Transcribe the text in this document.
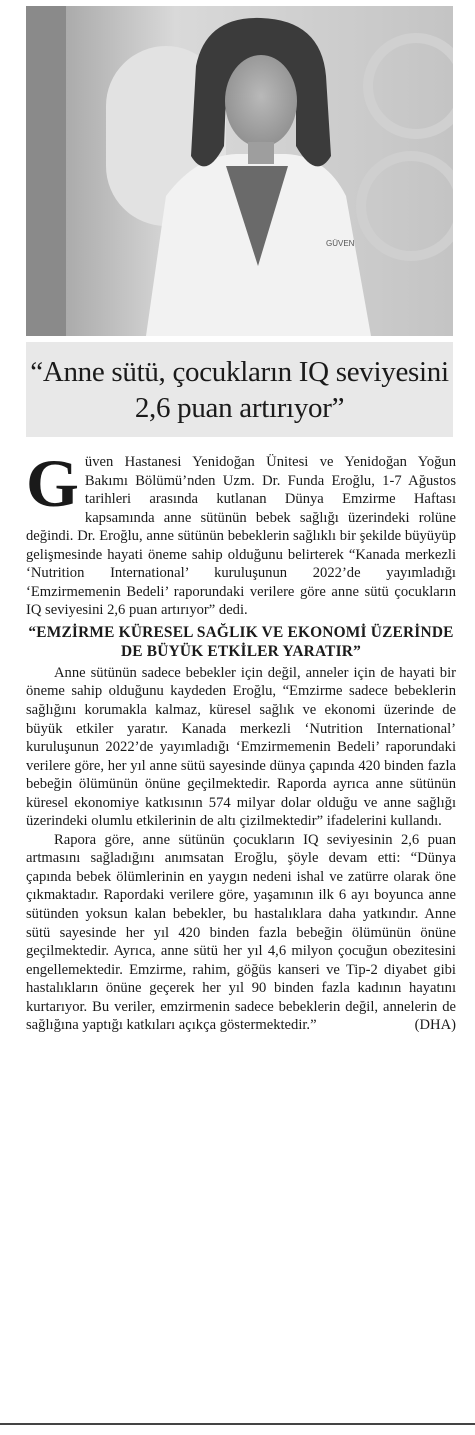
GÜVEN
“Anne sütü, çocukların IQ seviyesini 2,6 puan artırıyor”

Güven Hastanesi Yenidoğan Ünitesi ve Yenidoğan Yoğun Bakımı Bölümü’nden Uzm. Dr. Funda Eroğlu, 1-7 Ağustos tarihleri arasında kutlanan Dünya Emzirme Haftası kapsamında anne sütünün bebek sağlığı üzerindeki rolüne değindi. Dr. Eroğlu, anne sütünün bebeklerin sağlıklı bir şekilde büyüyüp gelişmesinde hayati öneme sahip olduğunu belirterek “Kanada merkezli ‘Nutrition International’ kuruluşunun 2022’de yayımladığı ‘Emzirmemenin Bedeli’ raporundaki verilere göre anne sütü çocukların IQ seviyesini 2,6 puan artırıyor” dedi.

“EMZİRME KÜRESEL SAĞLIK VE EKONOMİ ÜZERİNDE DE BÜYÜK ETKİLER YARATIR”

Anne sütünün sadece bebekler için değil, anneler için de hayati bir öneme sahip olduğunu kaydeden Eroğlu, “Emzirme sadece bebeklerin sağlığını korumakla kalmaz, küresel sağlık ve ekonomi üzerinde de büyük etkiler yaratır. Kanada merkezli ‘Nutrition International’ kuruluşunun 2022’de yayımladığı ‘Emzirmemenin Bedeli’ raporundaki verilere göre, her yıl anne sütü sayesinde dünya çapında 420 binden fazla bebeğin ölümünün önüne geçilmektedir. Raporda ayrıca anne sütünün küresel ekonomiye katkısının 574 milyar dolar olduğu ve anne sağlığı üzerindeki olumlu etkilerinin de altı çizilmektedir” ifadelerini kullandı.

Rapora göre, anne sütünün çocukların IQ seviyesinin 2,6 puan artmasını sağladığını anımsatan Eroğlu, şöyle devam etti: “Dünya çapında bebek ölümlerinin en yaygın nedeni ishal ve zatürre olarak öne çıkmaktadır. Rapordaki verilere göre, yaşamının ilk 6 ayı boyunca anne sütünden yoksun kalan bebekler, bu hastalıklara daha yatkındır. Anne sütü sayesinde her yıl 420 binden fazla bebeğin ölümünün önüne geçilmektedir. Ayrıca, anne sütü her yıl 4,6 milyon çocuğun obezitesini engellemektedir. Emzirme, rahim, göğüs kanseri ve Tip-2 diyabet gibi hastalıkların önüne geçerek her yıl 90 binden fazla kadının hayatını kurtarıyor. Bu veriler, emzirmenin sadece bebeklerin değil, annelerin de sağlığına yaptığı katkıları açıkça göstermektedir.”	(DHA)
